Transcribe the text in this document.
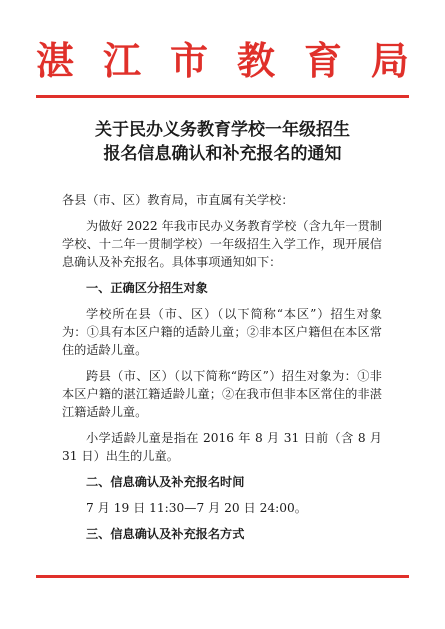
湛 江 市 教 育 局
关于民办义务教育学校一年级招生
报名信息确认和补充报名的通知

各县（市、区）教育局，市直属有关学校：

为做好 2022 年我市民办义务教育学校（含九年一贯制学校、十二年一贯制学校）一年级招生入学工作，现开展信息确认及补充报名。具体事项通知如下：

一、正确区分招生对象

学校所在县（市、区）（以下简称“本区”）招生对象为：①具有本区户籍的适龄儿童；②非本区户籍但在本区常住的适龄儿童。

跨县（市、区）（以下简称“跨区”）招生对象为：①非本区户籍的湛江籍适龄儿童；②在我市但非本区常住的非湛江籍适龄儿童。

小学适龄儿童是指在 2016 年 8 月 31 日前（含 8 月 31 日）出生的儿童。

二、信息确认及补充报名时间

7 月 19 日 11:30—7 月 20 日 24:00。

三、信息确认及补充报名方式
